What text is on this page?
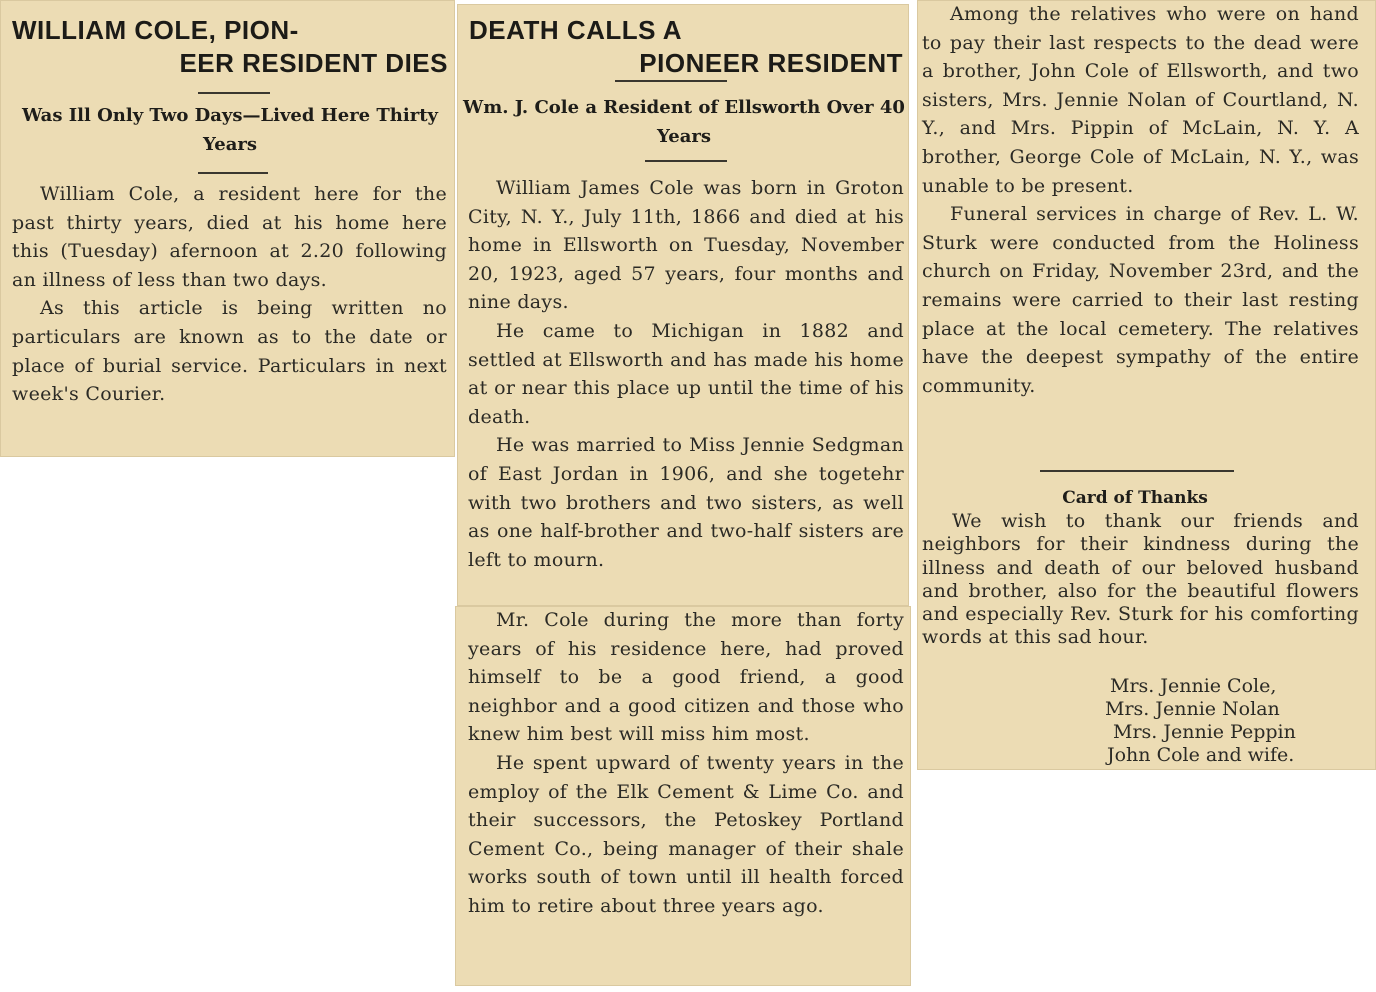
WILLIAM COLE, PION-
EER RESIDENT DIES

Was Ill Only Two Days—Lived Here Thirty Years

William Cole, a resident here for the past thirty years, died at his home here this (Tuesday) afernoon at 2.20 following an illness of less than two days.

As this article is being written no particulars are known as to the date or place of burial service. Particulars in next week's Courier.

DEATH CALLS A
PIONEER RESIDENT

Wm. J. Cole a Resident of Ellsworth Over 40 Years

William James Cole was born in Groton City, N. Y., July 11th, 1866 and died at his home in Ellsworth on Tuesday, November 20, 1923, aged 57 years, four months and nine days.

He came to Michigan in 1882 and settled at Ellsworth and has made his home at or near this place up until the time of his death.

He was married to Miss Jennie Sedgman of East Jordan in 1906, and she togetehr with two brothers and two sisters, as well as one half-brother and two-half sisters are left to mourn.

Mr. Cole during the more than forty years of his residence here, had proved himself to be a good friend, a good neighbor and a good citizen and those who knew him best will miss him most.

He spent upward of twenty years in the employ of the Elk Cement & Lime Co. and their successors, the Petoskey Portland Cement Co., being manager of their shale works south of town until ill health forced him to retire about three years ago.

Among the relatives who were on hand to pay their last respects to the dead were a brother, John Cole of Ellsworth, and two sisters, Mrs. Jennie Nolan of Courtland, N. Y., and Mrs. Pippin of McLain, N. Y. A brother, George Cole of McLain, N. Y., was unable to be present.

Funeral services in charge of Rev. L. W. Sturk were conducted from the Holiness church on Friday, November 23rd, and the remains were carried to their last resting place at the local cemetery. The relatives have the deepest sympathy of the entire community.

Card of Thanks

We wish to thank our friends and neighbors for their kindness during the illness and death of our beloved husband and brother, also for the beautiful flowers and especially Rev. Sturk for his comforting words at this sad hour.

Mrs. Jennie Cole,

Mrs. Jennie Nolan

Mrs. Jennie Peppin

John Cole and wife.
